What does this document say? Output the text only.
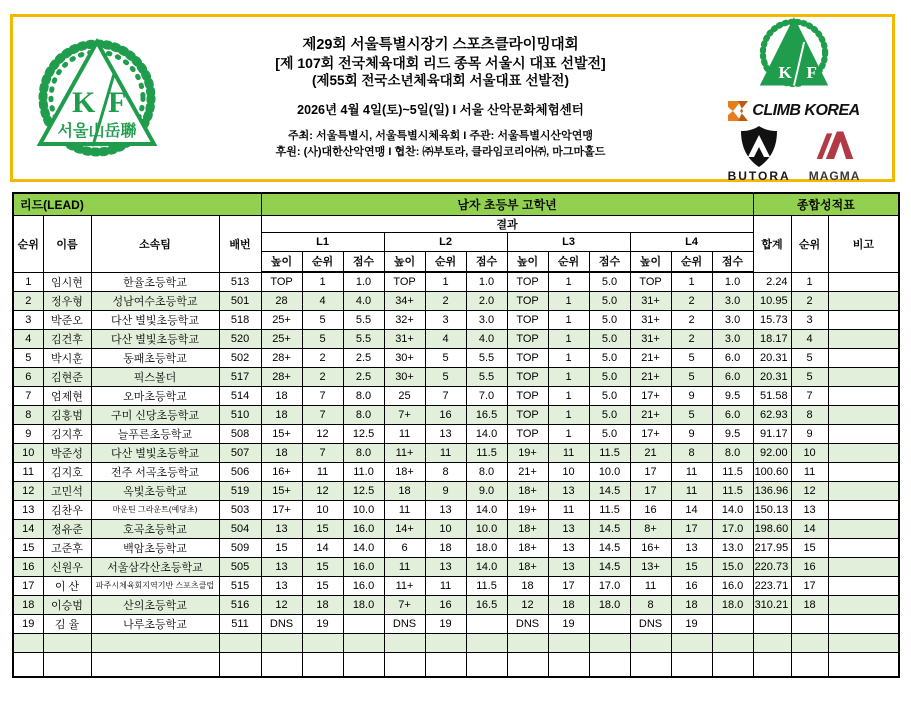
K F
서울山岳聯
제29회 서울특별시장기 스포츠클라이밍대회
[제 107회 전국체육대회 리드 종목 서울시 대표 선발전]
(제55회 전국소년체육대회 서울대표 선발전)
2026년 4월 4일(토)~5일(일) I 서울 산악문화체험센터
주최: 서울특별시, 서울특별시체육회 I 주관: 서울특별시산악연맹
후원: (사)대한산악연맹 I 협찬: ㈜부토라, 클라임코리아㈜, 마그마홀드
K F
CLIMB KOREA
BUTORA MAGMA
리드(LEAD)				남자 초등부 고학년												종합성적표		
순위	이름	소속팀	배번	결과												합계	순위	비고
				L1			L2			L3			L4					
				높이	순위	점수	높이	순위	점수	높이	순위	점수	높이	순위	점수			
1	임시현	한율초등학교	513	TOP	1	1.0	TOP	1	1.0	TOP	1	5.0	TOP	1	1.0	2.24	1	
2	정우형	성남여수초등학교	501	28	4	4.0	34+	2	2.0	TOP	1	5.0	31+	2	3.0	10.95	2	
3	박준오	다산 별빛초등학교	518	25+	5	5.5	32+	3	3.0	TOP	1	5.0	31+	2	3.0	15.73	3	
4	김건후	다산 별빛초등학교	520	25+	5	5.5	31+	4	4.0	TOP	1	5.0	31+	2	3.0	18.17	4	
5	박시훈	동패초등학교	502	28+	2	2.5	30+	5	5.5	TOP	1	5.0	21+	5	6.0	20.31	5	
6	김현준	픽스볼더	517	28+	2	2.5	30+	5	5.5	TOP	1	5.0	21+	5	6.0	20.31	5	
7	엄제현	오마초등학교	514	18	7	8.0	25	7	7.0	TOP	1	5.0	17+	9	9.5	51.58	7	
8	김홍범	구미 신당초등학교	510	18	7	8.0	7+	16	16.5	TOP	1	5.0	21+	5	6.0	62.93	8	
9	김지후	늘푸른초등학교	508	15+	12	12.5	11	13	14.0	TOP	1	5.0	17+	9	9.5	91.17	9	
10	박준성	다산 별빛초등학교	507	18	7	8.0	11+	11	11.5	19+	11	11.5	21	8	8.0	92.00	10	
11	김지호	전주 서곡초등학교	506	16+	11	11.0	18+	8	8.0	21+	10	10.0	17	11	11.5	100.60	11	
12	고민석	옥빛초등학교	519	15+	12	12.5	18	9	9.0	18+	13	14.5	17	11	11.5	136.96	12	
13	김찬우	마운틴 그라운트(예당초)	503	17+	10	10.0	11	13	14.0	19+	11	11.5	16	14	14.0	150.13	13	
14	정유준	호곡초등학교	504	13	15	16.0	14+	10	10.0	18+	13	14.5	8+	17	17.0	198.60	14	
15	고준후	백암초등학교	509	15	14	14.0	6	18	18.0	18+	13	14.5	16+	13	13.0	217.95	15	
16	신원우	서울삼각산초등학교	505	13	15	16.0	11	13	14.0	18+	13	14.5	13+	15	15.0	220.73	16	
17	이 산	파주시체육회지역기반 스포츠클럽	515	13	15	16.0	11+	11	11.5	18	17	17.0	11	16	16.0	223.71	17	
18	이승범	산의초등학교	516	12	18	18.0	7+	16	16.5	12	18	18.0	8	18	18.0	310.21	18	
19	김 율	나루초등학교	511	DNS	19		DNS	19		DNS	19		DNS	19				
